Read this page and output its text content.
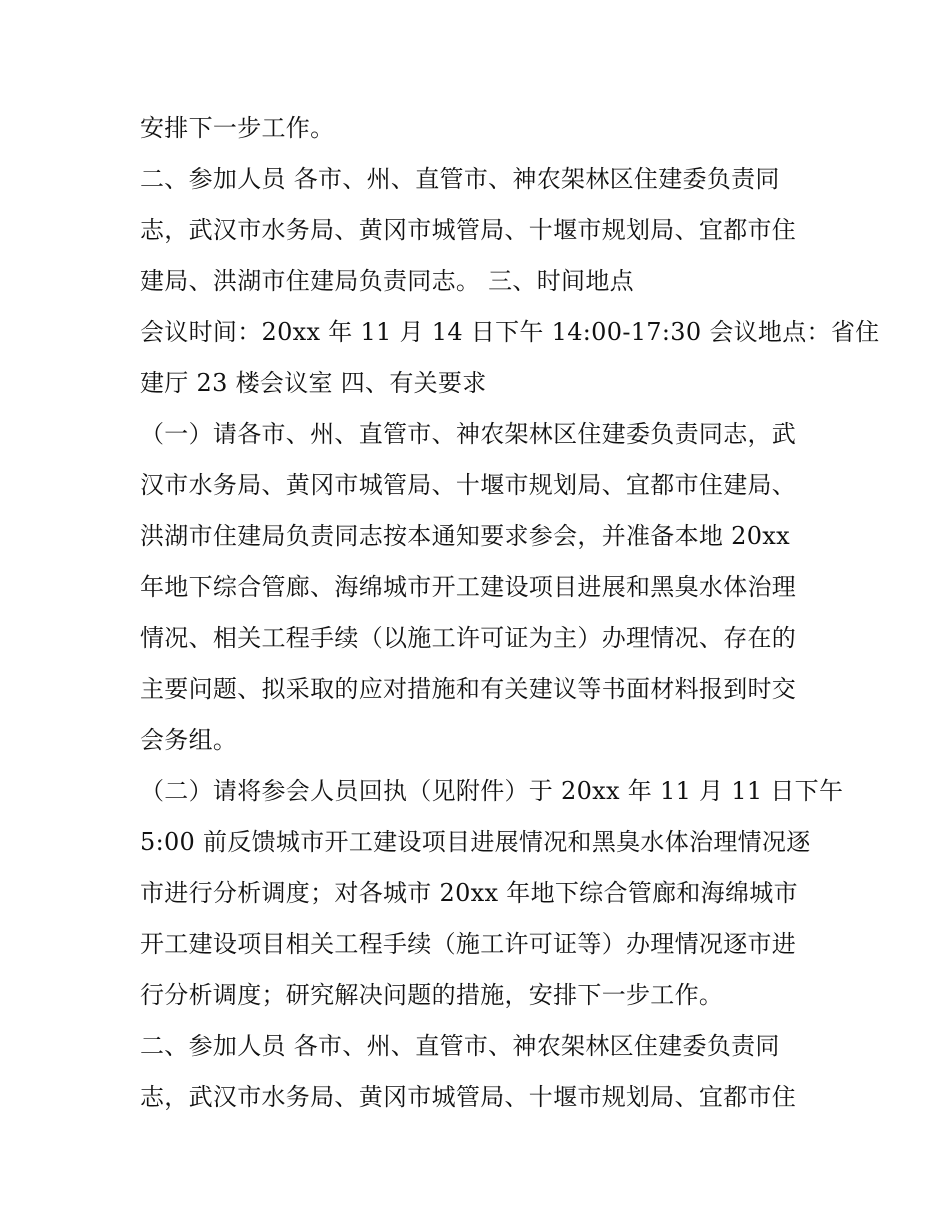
安排下一步工作。
二、参加人员 各市、州、直管市、神农架林区住建委负责同
志，武汉市水务局、黄冈市城管局、十堰市规划局、宜都市住
建局、洪湖市住建局负责同志。 三、时间地点
会议时间：20xx 年 11 月 14 日下午 14:00-17:30 会议地点：省住
建厅 23 楼会议室 四、有关要求
（一）请各市、州、直管市、神农架林区住建委负责同志，武
汉市水务局、黄冈市城管局、十堰市规划局、宜都市住建局、
洪湖市住建局负责同志按本通知要求参会，并准备本地 20xx
年地下综合管廊、海绵城市开工建设项目进展和黑臭水体治理
情况、相关工程手续（以施工许可证为主）办理情况、存在的
主要问题、拟采取的应对措施和有关建议等书面材料报到时交
会务组。
（二）请将参会人员回执（见附件）于 20xx 年 11 月 11 日下午
5:00 前反馈城市开工建设项目进展情况和黑臭水体治理情况逐
市进行分析调度；对各城市 20xx 年地下综合管廊和海绵城市
开工建设项目相关工程手续（施工许可证等）办理情况逐市进
行分析调度；研究解决问题的措施，安排下一步工作。
二、参加人员 各市、州、直管市、神农架林区住建委负责同
志，武汉市水务局、黄冈市城管局、十堰市规划局、宜都市住
